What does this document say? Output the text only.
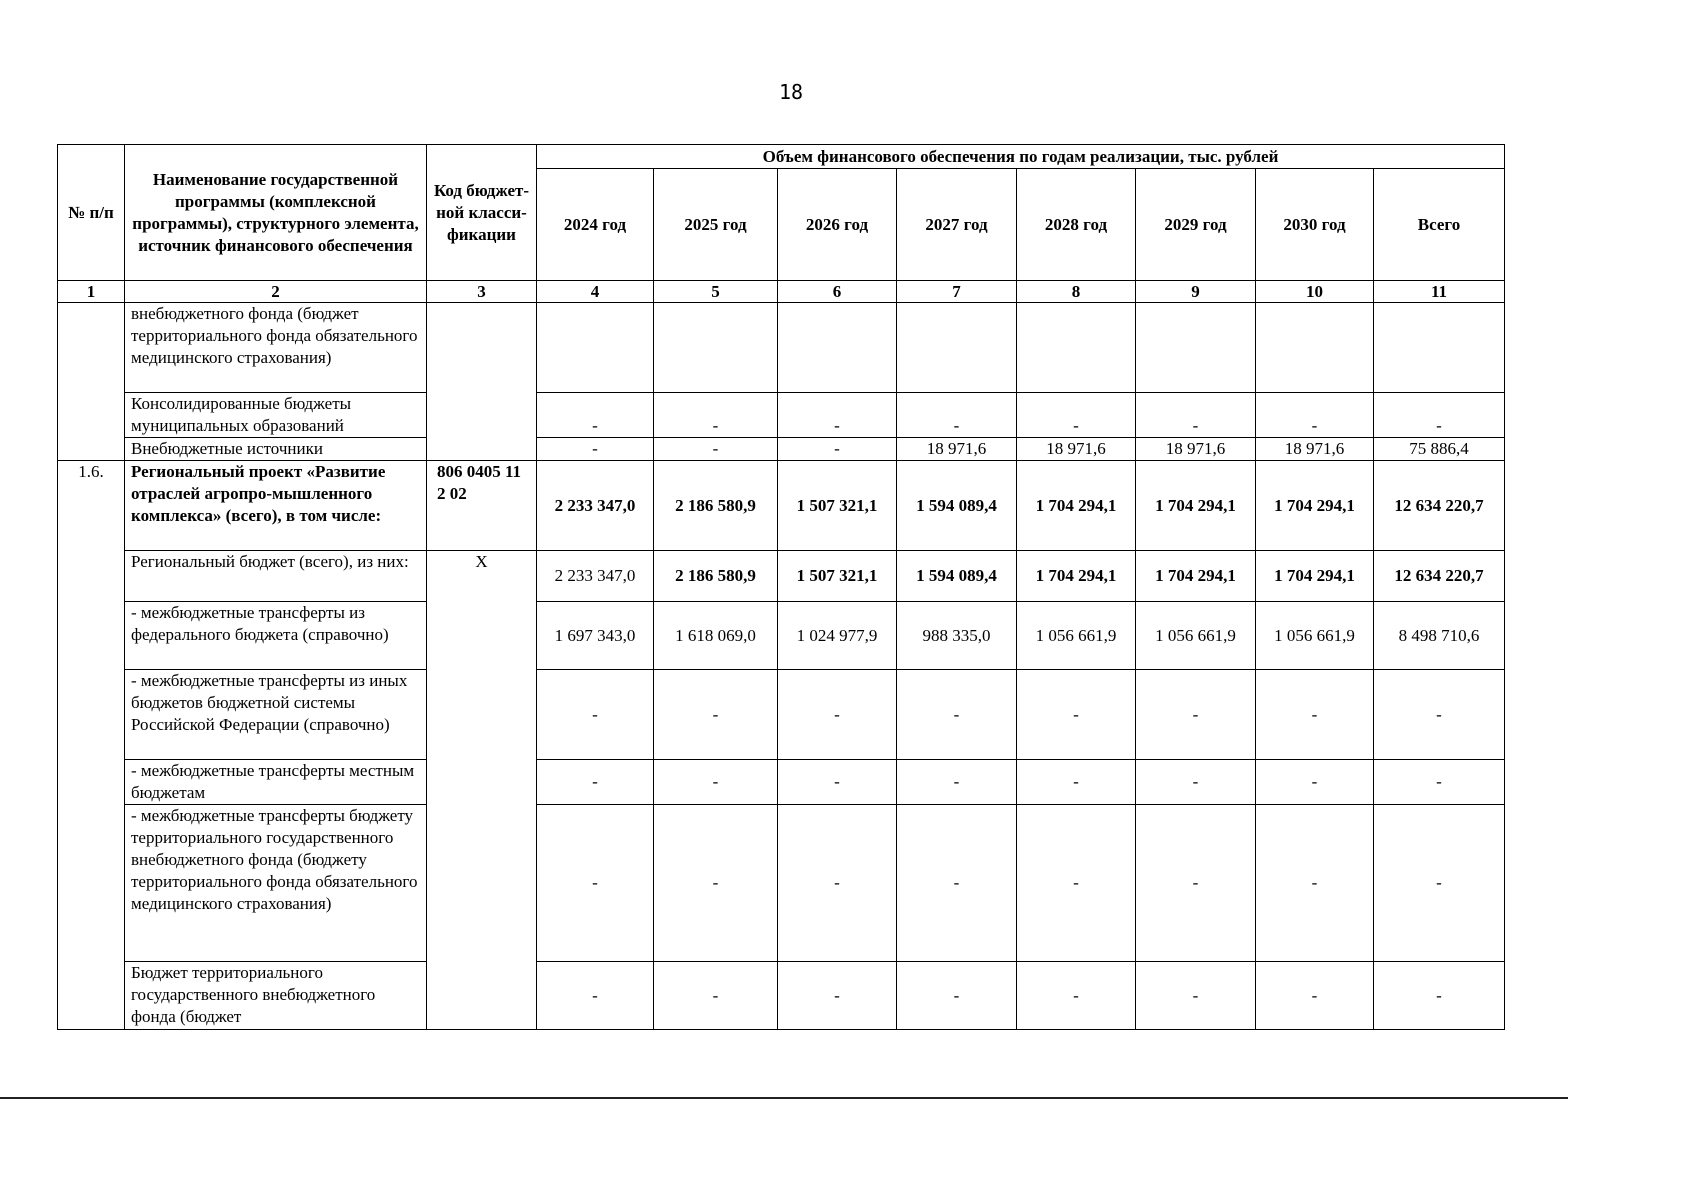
18
№ п/п	Наименование государственной программы (комплексной программы), структурного элемента, источник финансового обеспечения	Код бюджет-ной класси-фикации	Объем финансового обеспечения по годам реализации, тыс. рублей							
			2024 год	2025 год	2026 год	2027 год	2028 год	2029 год	2030 год	Всего
1	2	3	4	5	6	7	8	9	10	11
	внебюджетного фонда (бюджет территориального фонда обязательного медицинского страхования)									
	Консолидированные бюджеты муниципальных образований		-	-	-	-	-	-	-	-
	Внебюджетные источники		-	-	-	18 971,6	18 971,6	18 971,6	18 971,6	75 886,4
1.6.	Региональный проект «Развитие отраслей агропро-мышленного комплекса» (всего), в том числе:	806 0405 11 2 02	2 233 347,0	2 186 580,9	1 507 321,1	1 594 089,4	1 704 294,1	1 704 294,1	1 704 294,1	12 634 220,7
	Региональный бюджет (всего), из них:	Х	2 233 347,0	2 186 580,9	1 507 321,1	1 594 089,4	1 704 294,1	1 704 294,1	1 704 294,1	12 634 220,7
	- межбюджетные трансферты из федерального бюджета (справочно)		1 697 343,0	1 618 069,0	1 024 977,9	988 335,0	1 056 661,9	1 056 661,9	1 056 661,9	8 498 710,6
	- межбюджетные трансферты из иных бюджетов бюджетной системы Российской Федерации (справочно)		-	-	-	-	-	-	-	-
	- межбюджетные трансферты местным бюджетам		-	-	-	-	-	-	-	-
	- межбюджетные трансферты бюджету территориального государственного внебюджетного фонда (бюджету территориального фонда обязательного медицинского страхования)		-	-	-	-	-	-	-	-
	Бюджет территориального государственного внебюджетного фонда (бюджет		-	-	-	-	-	-	-	-
